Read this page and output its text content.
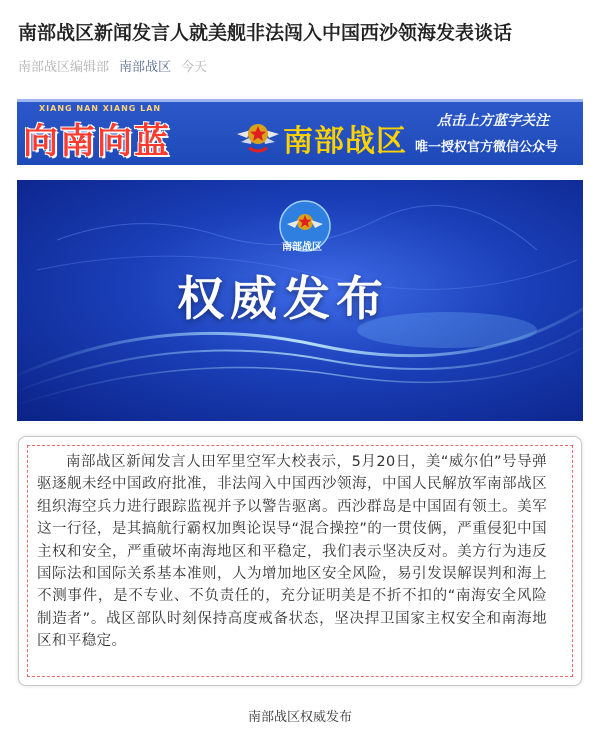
南部战区新闻发言人就美舰非法闯入中国西沙领海发表谈话
南部战区编辑部 南部战区 今天
XIANG NAN XIANG LAN
向南向蓝	南部战区
点击上方蓝字关注
唯一授权官方微信公众号
南部战区
权威发布
南部战区新闻发言人田军里空军大校表示，5月20日，美“威尔伯”号导弹驱逐舰未经中国政府批准，非法闯入中国西沙领海，中国人民解放军南部战区组织海空兵力进行跟踪监视并予以警告驱离。西沙群岛是中国固有领土。美军这一行径，是其搞航行霸权加舆论误导“混合操控”的一贯伎俩，严重侵犯中国主权和安全，严重破坏南海地区和平稳定，我们表示坚决反对。美方行为违反国际法和国际关系基本准则，人为增加地区安全风险，易引发误解误判和海上不测事件，是不专业、不负责任的，充分证明美是不折不扣的“南海安全风险制造者”。战区部队时刻保持高度戒备状态，坚决捍卫国家主权安全和南海地区和平稳定。
南部战区权威发布
